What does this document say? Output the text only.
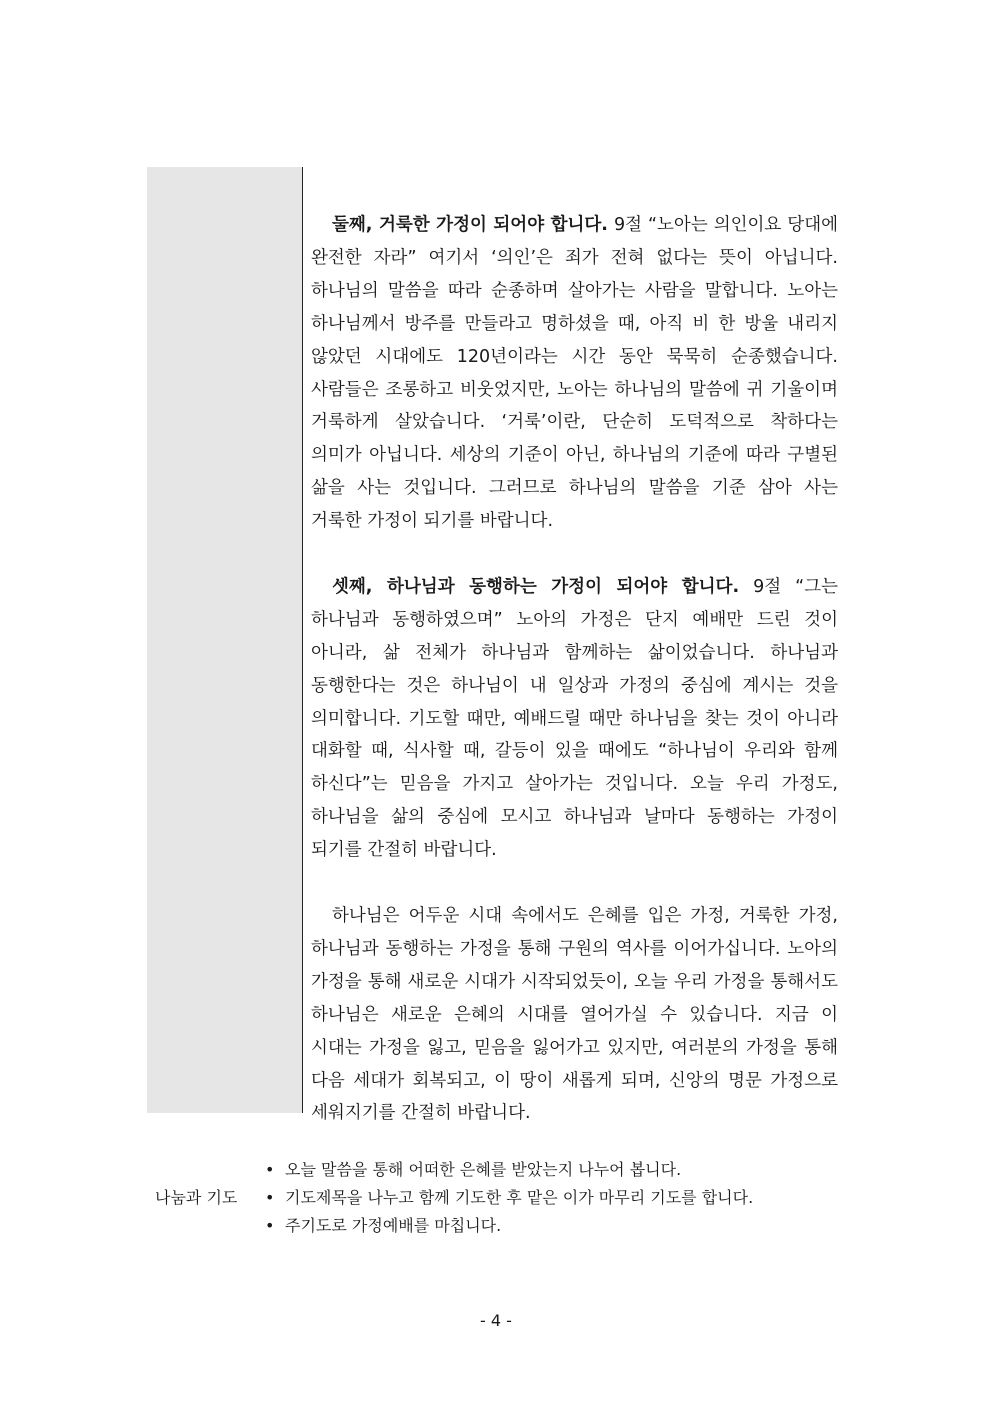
둘째, 거룩한 가정이 되어야 합니다. 9절 “노아는 의인이요 당대에 완전한 자라” 여기서 ‘의인’은 죄가 전혀 없다는 뜻이 아닙니다. 하나님의 말씀을 따라 순종하며 살아가는 사람을 말합니다. 노아는 하나님께서 방주를 만들라고 명하셨을 때, 아직 비 한 방울 내리지 않았던 시대에도 120년이라는 시간 동안 묵묵히 순종했습니다. 사람들은 조롱하고 비웃었지만, 노아는 하나님의 말씀에 귀 기울이며 거룩하게 살았습니다. ‘거룩’이란, 단순히 도덕적으로 착하다는 의미가 아닙니다. 세상의 기준이 아닌, 하나님의 기준에 따라 구별된 삶을 사는 것입니다. 그러므로 하나님의 말씀을 기준 삼아 사는 거룩한 가정이 되기를 바랍니다.

셋째, 하나님과 동행하는 가정이 되어야 합니다. 9절 “그는 하나님과 동행하였으며” 노아의 가정은 단지 예배만 드린 것이 아니라, 삶 전체가 하나님과 함께하는 삶이었습니다. 하나님과 동행한다는 것은 하나님이 내 일상과 가정의 중심에 계시는 것을 의미합니다. 기도할 때만, 예배드릴 때만 하나님을 찾는 것이 아니라 대화할 때, 식사할 때, 갈등이 있을 때에도 “하나님이 우리와 함께 하신다”는 믿음을 가지고 살아가는 것입니다. 오늘 우리 가정도, 하나님을 삶의 중심에 모시고 하나님과 날마다 동행하는 가정이 되기를 간절히 바랍니다.

하나님은 어두운 시대 속에서도 은혜를 입은 가정, 거룩한 가정, 하나님과 동행하는 가정을 통해 구원의 역사를 이어가십니다. 노아의 가정을 통해 새로운 시대가 시작되었듯이, 오늘 우리 가정을 통해서도 하나님은 새로운 은혜의 시대를 열어가실 수 있습니다. 지금 이 시대는 가정을 잃고, 믿음을 잃어가고 있지만, 여러분의 가정을 통해 다음 세대가 회복되고, 이 땅이 새롭게 되며, 신앙의 명문 가정으로 세워지기를 간절히 바랍니다.

나눔과 기도
• 오늘 말씀을 통해 어떠한 은혜를 받았는지 나누어 봅니다.
• 기도제목을 나누고 함께 기도한 후 맡은 이가 마무리 기도를 합니다.
• 주기도로 가정예배를 마칩니다.
- 4 -
